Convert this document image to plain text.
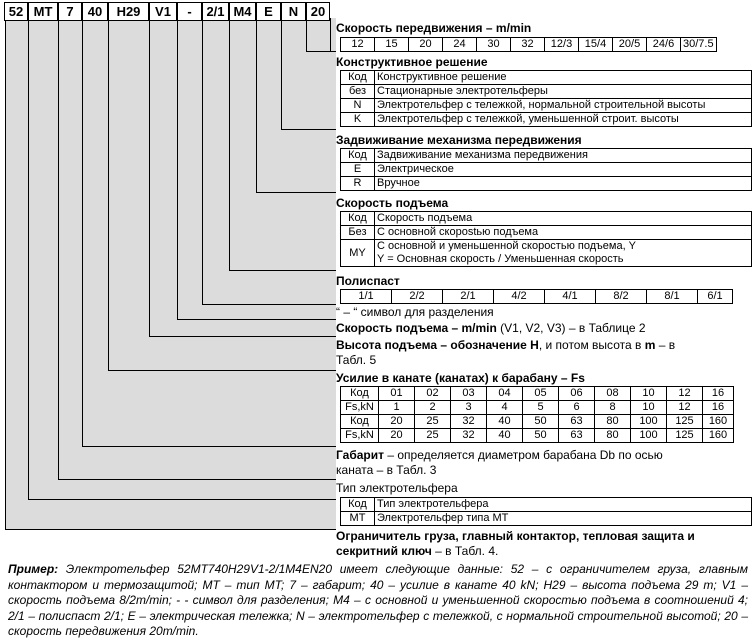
52 MT	7	40	H29	V1	-	2/1 M4 E	N 20
Скорость передвижения – m/min
12	15	20	24	30	32	12/3	15/4	20/5	24/6	30/7.5
Конструктивное решение
Код	Конструктивное решение
без	Стационарные электротельферы
N	Электротельфер с тележкой, нормальной строительной высоты
K	Электротельфер с тележкой, уменьшенной строит. высоты
Задвиживание механизма передвижения
Код	Задвиживание механизма передвижения
E	Электрическое
R	Вручное
Скорость подъема
Код	Скорость подъема
Без	С основной скорostью подъема
MY	С основной и уменьшенной скоростью подъема, Y
	Y = Основная скорость / Уменьшенная скорость
Полиспаст
1/1	2/2	2/1	4/2	4/1	8/2	8/1	6/1
“ – “ символ для разделения
Скорость подъема – m/min (V1, V2, V3) – в Таблице 2
Высота подъема – обозначение H, и потом высота в m – в
Табл. 5
Усилие в канате (канатах) к барабану – Fs
Код	01	02	03	04	05	06	08	10	12	16
Fs,kN	1	2	3	4	5	6	8	10	12	16
Код	20	25	32	40	50	63	80	100	125	160
Fs,kN	20	25	32	40	50	63	80	100	125	160
Габарит – определяется диаметром барабана Db по осью
каната – в Табл. 3
Тип электротельфера
Код	Тип электротельфера
MT	Электротельфер типа MT
Ограничитель груза, главный контактор, тепловая защита и
секритний ключ – в Табл. 4.
Пример: Электротельфер 52MT740H29V1-2/1M4EN20 имеет следующие данные: 52 – с ограничителем груза, главным контактором и термозащитой; MT – тип MT; 7 – габарит; 40 – усилие в канате 40 kN; H29 – высота подъема 29 m; V1 – скорость подъема 8/2m/min; - - символ для разделения; M4 – с основной и уменьшенной скоростью подъема в соотношений 4; 2/1 – полиспаст 2/1; E – электрическая тележка; N – электротельфер с тележкой, с нормальной строительной высотой; 20 – скорость передвижения 20m/min.
